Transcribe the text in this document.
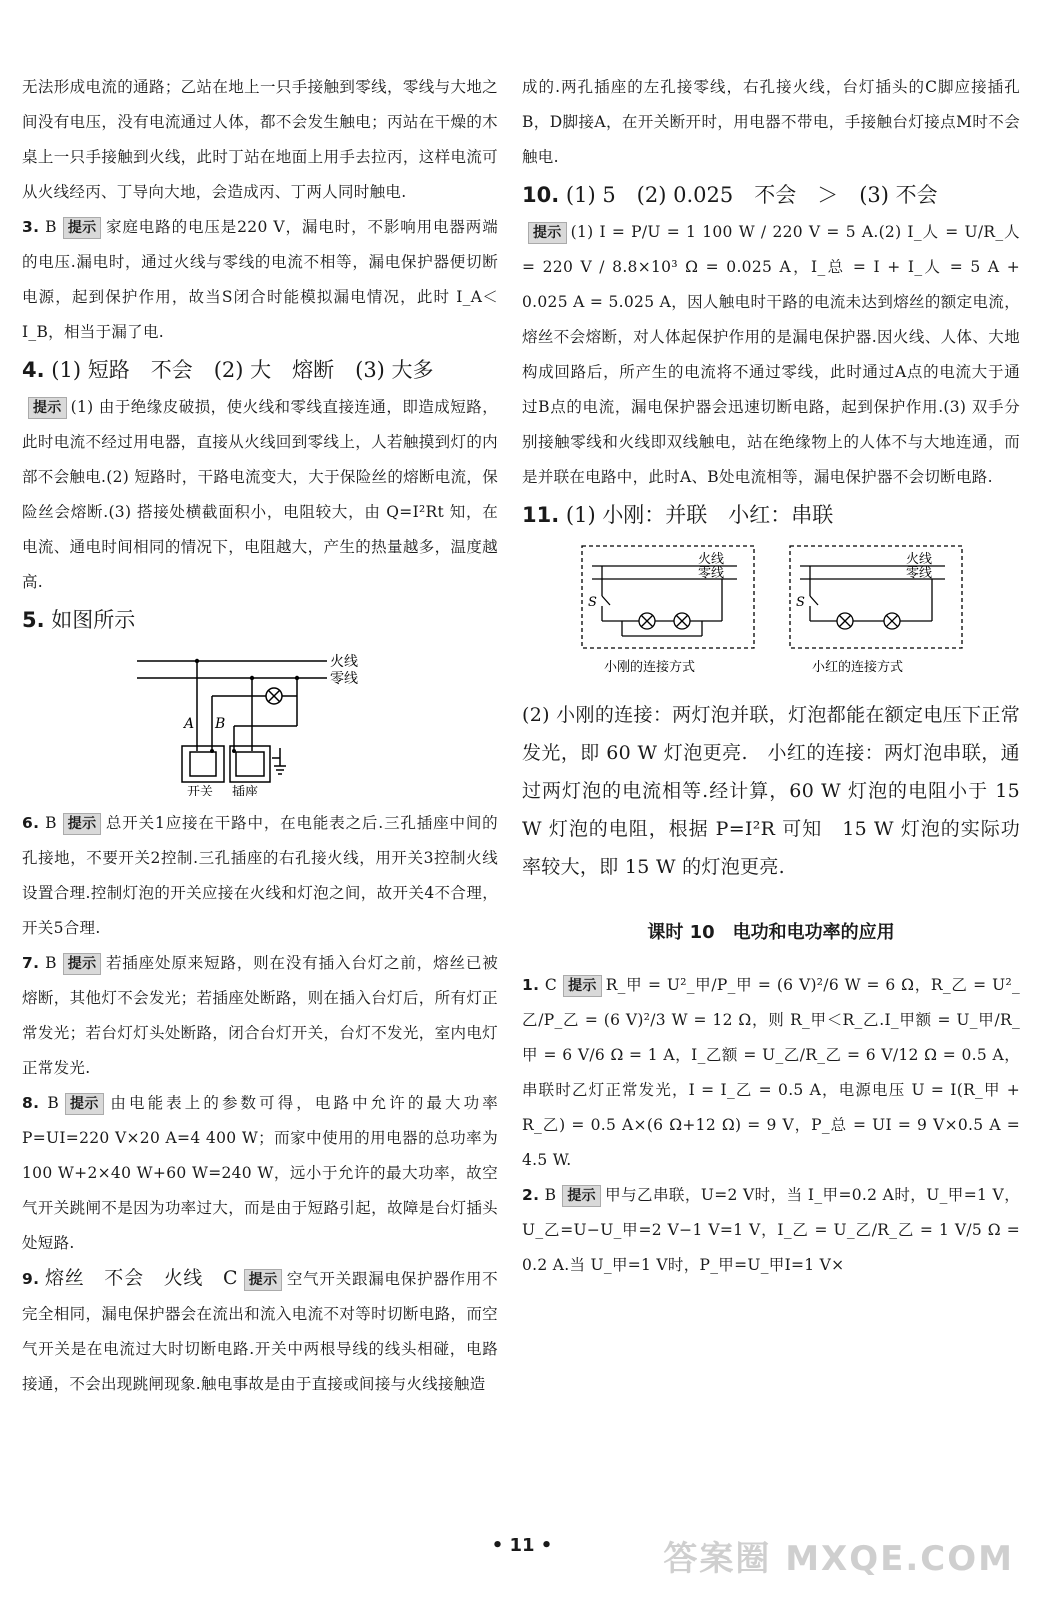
无法形成电流的通路；乙站在地上一只手接触到零线，零线与大地之间没有电压，没有电流通过人体，都不会发生触电；丙站在干燥的木桌上一只手接触到火线，此时丁站在地面上用手去拉丙，这样电流可从火线经丙、丁导向大地，会造成丙、丁两人同时触电.

3. B 提示 家庭电路的电压是220 V，漏电时，不影响用电器两端的电压.漏电时，通过火线与零线的电流不相等，漏电保护器便切断电源，起到保护作用，故当S闭合时能模拟漏电情况，此时 I_A＜I_B，相当于漏了电.

4. (1) 短路　不会　(2) 大　熔断　(3) 大多

提示 (1) 由于绝缘皮破损，使火线和零线直接连通，即造成短路，此时电流不经过用电器，直接从火线回到零线上，人若触摸到灯的内部不会触电.(2) 短路时，干路电流变大，大于保险丝的熔断电流，保险丝会熔断.(3) 搭接处横截面积小，电阻较大，由 Q=I²Rt 知，在电流、通电时间相同的情况下，电阻越大，产生的热量越多，温度越高.

5. 如图所示

火线
零线
A B
开关 插座

6. B 提示 总开关1应接在干路中，在电能表之后.三孔插座中间的孔接地，不要开关2控制.三孔插座的右孔接火线，用开关3控制火线设置合理.控制灯泡的开关应接在火线和灯泡之间，故开关4不合理，开关5合理.

7. B 提示 若插座处原来短路，则在没有插入台灯之前，熔丝已被熔断，其他灯不会发光；若插座处断路，则在插入台灯后，所有灯正常发光；若台灯灯头处断路，闭合台灯开关，台灯不发光，室内电灯正常发光.

8. B 提示 由电能表上的参数可得，电路中允许的最大功率 P=UI=220 V×20 A=4 400 W；而家中使用的用电器的总功率为 100 W+2×40 W+60 W=240 W，远小于允许的最大功率，故空气开关跳闸不是因为功率过大，而是由于短路引起，故障是台灯插头处短路.

9. 熔丝　不会　火线　C 提示 空气开关跟漏电保护器作用不完全相同，漏电保护器会在流出和流入电流不对等时切断电路，而空气开关是在电流过大时切断电路.开关中两根导线的线头相碰，电路接通，不会出现跳闸现象.触电事故是由于直接或间接与火线接触造

成的.两孔插座的左孔接零线，右孔接火线，台灯插头的C脚应接插孔B，D脚接A，在开关断开时，用电器不带电，手接触台灯接点M时不会触电.

10. (1) 5　(2) 0.025　不会　＞　(3) 不会

提示 (1) I = P/U = 1 100 W / 220 V = 5 A.(2) I_人 = U/R_人 = 220 V / 8.8×10³ Ω = 0.025 A，I_总 = I + I_人 = 5 A + 0.025 A = 5.025 A，因人触电时干路的电流未达到熔丝的额定电流，熔丝不会熔断，对人体起保护作用的是漏电保护器.因火线、人体、大地构成回路后，所产生的电流将不通过零线，此时通过A点的电流大于通过B点的电流，漏电保护器会迅速切断电路，起到保护作用.(3) 双手分别接触零线和火线即双线触电，站在绝缘物上的人体不与大地连通，而是并联在电路中，此时A、B处电流相等，漏电保护器不会切断电路.

11. (1) 小刚：并联　小红：串联

火线
零线
火线
零线
S	S
小刚的连接方式	小红的连接方式

(2) 小刚的连接：两灯泡并联，灯泡都能在额定电压下正常发光，即 60 W 灯泡更亮.　小红的连接：两灯泡串联，通过两灯泡的电流相等.经计算，60 W 灯泡的电阻小于 15 W 灯泡的电阻，根据 P=I²R 可知　15 W 灯泡的实际功率较大，即 15 W 的灯泡更亮.

课时 10　电功和电功率的应用

1. C 提示 R_甲 = U²_甲/P_甲 = (6 V)²/6 W = 6 Ω，R_乙 = U²_乙/P_乙 = (6 V)²/3 W = 12 Ω，则 R_甲＜R_乙.I_甲额 = U_甲/R_甲 = 6 V/6 Ω = 1 A，I_乙额 = U_乙/R_乙 = 6 V/12 Ω = 0.5 A，串联时乙灯正常发光，I = I_乙 = 0.5 A，电源电压 U = I(R_甲 + R_乙) = 0.5 A×(6 Ω+12 Ω) = 9 V，P_总 = UI = 9 V×0.5 A = 4.5 W.

2. B 提示 甲与乙串联，U=2 V时，当 I_甲=0.2 A时，U_甲=1 V，U_乙=U−U_甲=2 V−1 V=1 V，I_乙 = U_乙/R_乙 = 1 V/5 Ω = 0.2 A.当 U_甲=1 V时，P_甲=U_甲I=1 V×

• 11 •	答案圈 MXQE.COM
